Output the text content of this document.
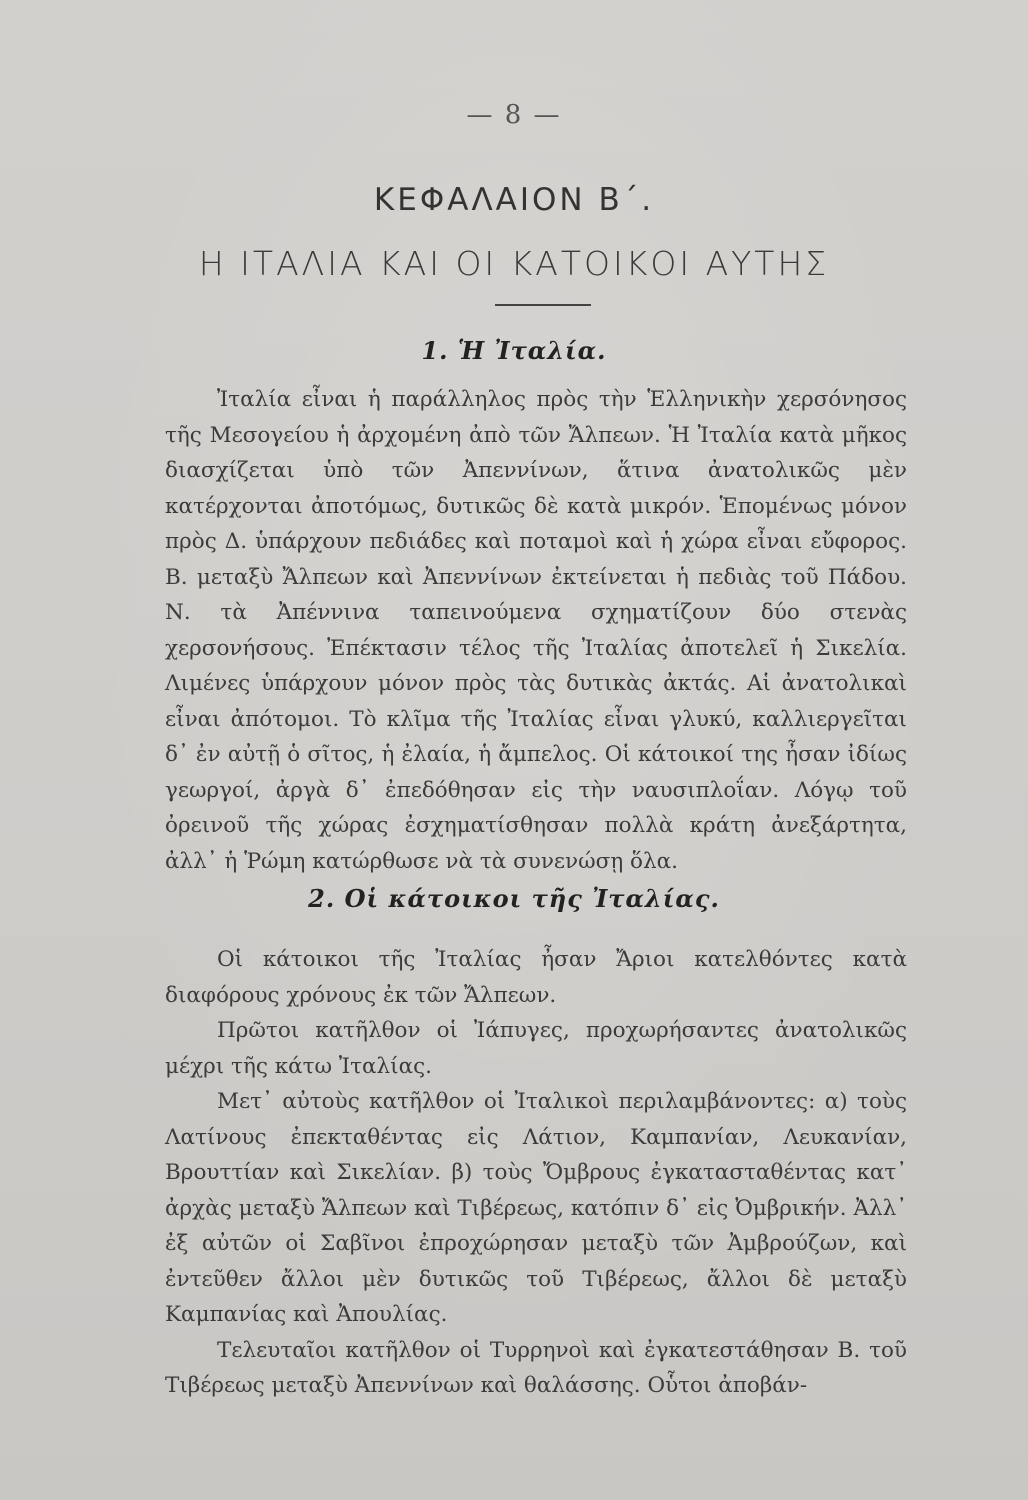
— 8 —
ΚΕΦΑΛΑΙΟΝ Β΄.
Η ΙΤΑΛΙΑ ΚΑΙ ΟΙ ΚΑΤΟΙΚΟΙ ΑΥΤΗΣ
1. Ἡ Ἰταλία.

Ἰταλία εἶναι ἡ παράλληλος πρὸς τὴν Ἑλληνικὴν χερσόνησος τῆς Μεσογείου ἡ ἀρχομένη ἀπὸ τῶν Ἄλπεων. Ἡ Ἰταλία κατὰ μῆκος διασχίζεται ὑπὸ τῶν Ἀπεννίνων, ἅτινα ἀνατολικῶς μὲν κατέρχονται ἀποτόμως, δυτικῶς δὲ κατὰ μικρόν. Ἑπομένως μόνον πρὸς Δ. ὑπάρχουν πεδιάδες καὶ ποταμοὶ καὶ ἡ χώρα εἶναι εὔφορος. Β. μεταξὺ Ἄλπεων καὶ Ἀπεννίνων ἐκτείνεται ἡ πεδιὰς τοῦ Πάδου. Ν. τὰ Ἀπέννινα ταπεινούμενα σχηματίζουν δύο στενὰς χερσονήσους. Ἐπέκτασιν τέλος τῆς Ἰταλίας ἀποτελεῖ ἡ Σικελία. Λιμένες ὑπάρχουν μόνον πρὸς τὰς δυτικὰς ἀκτάς. Αἱ ἀνατολικαὶ εἶναι ἀπότομοι. Τὸ κλῖμα τῆς Ἰταλίας εἶναι γλυκύ, καλλιεργεῖται δ᾽ ἐν αὐτῇ ὁ σῖτος, ἡ ἐλαία, ἡ ἄμπελος. Οἱ κάτοικοί της ἦσαν ἰδίως γεωργοί, ἀργὰ δ᾽ ἐπεδόθησαν εἰς τὴν ναυσιπλοΐαν. Λόγῳ τοῦ ὀρεινοῦ τῆς χώρας ἐσχηματίσθησαν πολλὰ κράτη ἀνεξάρτητα, ἀλλ᾽ ἡ Ῥώμη κατώρθωσε νὰ τὰ συνενώσῃ ὅλα.

2. Οἱ κάτοικοι τῆς Ἰταλίας.

Οἱ κάτοικοι τῆς Ἰταλίας ἦσαν Ἄριοι κατελθόντες κατὰ διαφόρους χρόνους ἐκ τῶν Ἄλπεων.

Πρῶτοι κατῆλθον οἱ Ἰάπυγες, προχωρήσαντες ἀνατολικῶς μέχρι τῆς κάτω Ἰταλίας.

Μετ᾽ αὐτοὺς κατῆλθον οἱ Ἰταλικοὶ περιλαμβάνοντες: α) τοὺς Λατίνους ἐπεκταθέντας εἰς Λάτιον, Καμπανίαν, Λευκανίαν, Βρουττίαν καὶ Σικελίαν. β) τοὺς Ὄμβρους ἐγκατασταθέντας κατ᾽ ἀρχὰς μεταξὺ Ἄλπεων καὶ Τιβέρεως, κατόπιν δ᾽ εἰς Ὀμβρικήν. Ἀλλ᾽ ἐξ αὐτῶν οἱ Σαβῖνοι ἐπροχώρησαν μεταξὺ τῶν Ἀμβρούζων, καὶ ἐντεῦθεν ἄλλοι μὲν δυτικῶς τοῦ Τιβέρεως, ἄλλοι δὲ μεταξὺ Καμπανίας καὶ Ἀπουλίας.

Τελευταῖοι κατῆλθον οἱ Τυρρηνοὶ καὶ ἐγκατεστάθησαν Β. τοῦ Τιβέρεως μεταξὺ Ἀπεννίνων καὶ θαλάσσης. Οὗτοι ἀποβάν-
